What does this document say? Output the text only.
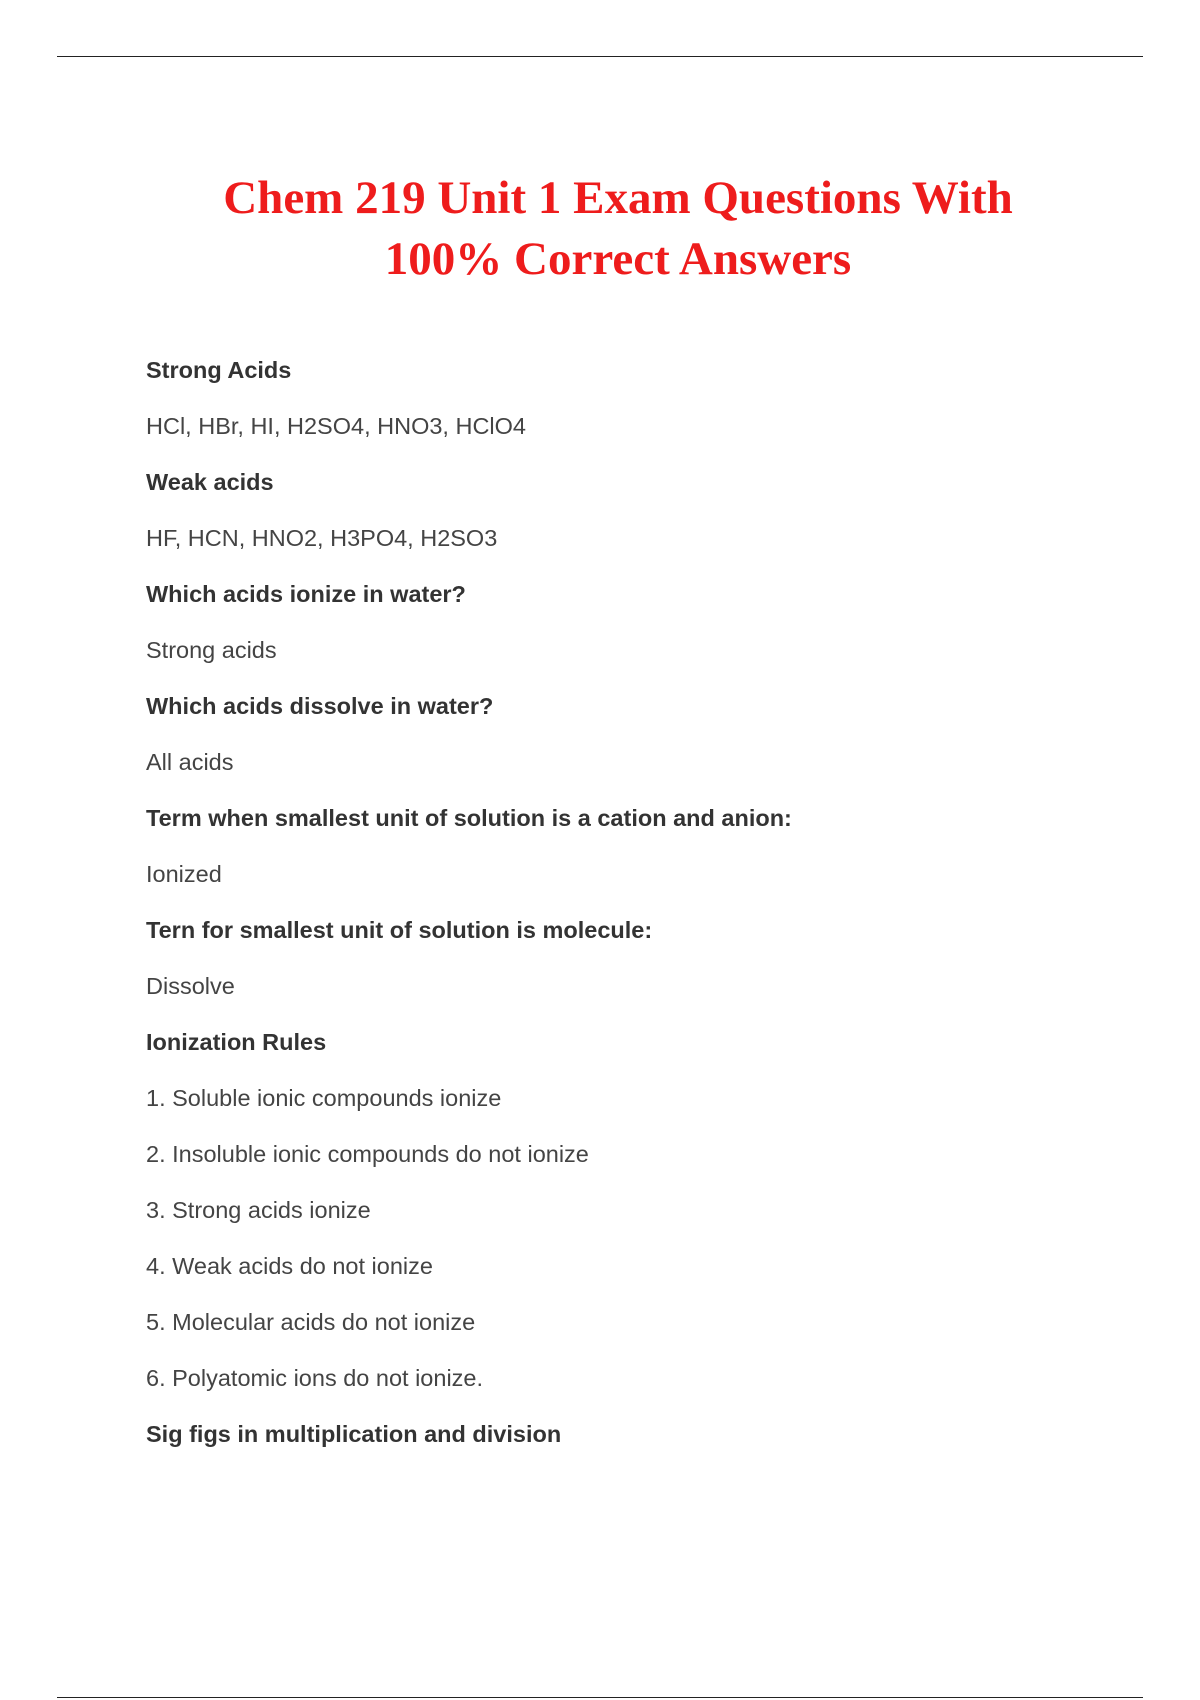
Chem 219 Unit 1 Exam Questions With
100% Correct Answers

Strong Acids

HCl, HBr, HI, H2SO4, HNO3, HClO4

Weak acids

HF, HCN, HNO2, H3PO4, H2SO3

Which acids ionize in water?

Strong acids

Which acids dissolve in water?

All acids

Term when smallest unit of solution is a cation and anion:

Ionized

Tern for smallest unit of solution is molecule:

Dissolve

Ionization Rules

1. Soluble ionic compounds ionize

2. Insoluble ionic compounds do not ionize

3. Strong acids ionize

4. Weak acids do not ionize

5. Molecular acids do not ionize

6. Polyatomic ions do not ionize.

Sig figs in multiplication and division
